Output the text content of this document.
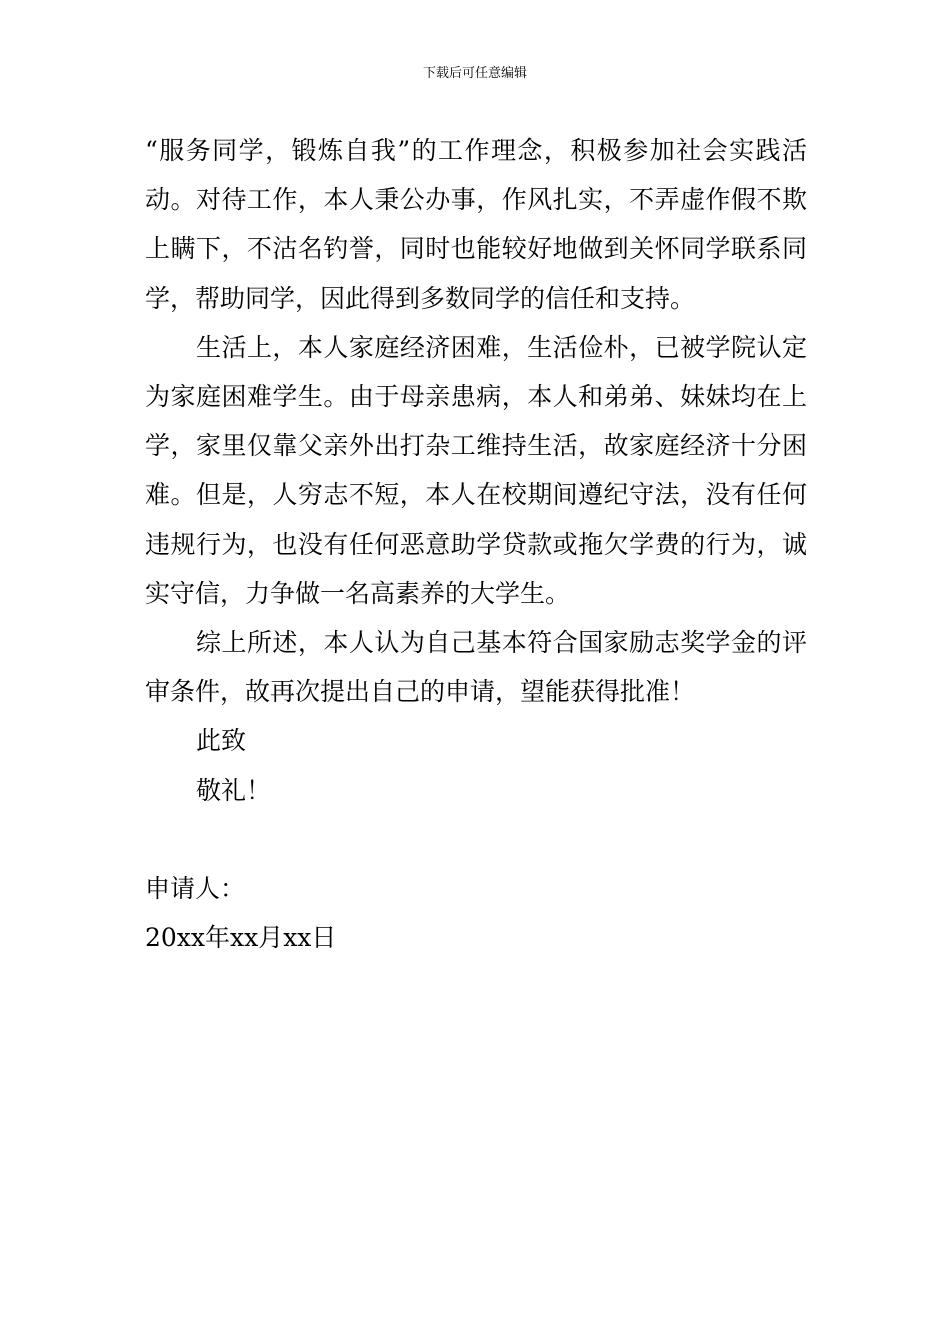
下载后可任意编辑

“服务同学，锻炼自我”的工作理念，积极参加社会实践活动。对待工作，本人秉公办事，作风扎实，不弄虚作假不欺上瞒下，不沽名钓誉，同时也能较好地做到关怀同学联系同学，帮助同学，因此得到多数同学的信任和支持。

生活上，本人家庭经济困难，生活俭朴，已被学院认定为家庭困难学生。由于母亲患病，本人和弟弟、妹妹均在上学，家里仅靠父亲外出打杂工维持生活，故家庭经济十分困难。但是，人穷志不短，本人在校期间遵纪守法，没有任何违规行为，也没有任何恶意助学贷款或拖欠学费的行为，诚实守信，力争做一名高素养的大学生。

综上所述，本人认为自己基本符合国家励志奖学金的评审条件，故再次提出自己的申请，望能获得批准！

此致

敬礼！

申请人：

20xx年xx月xx日
